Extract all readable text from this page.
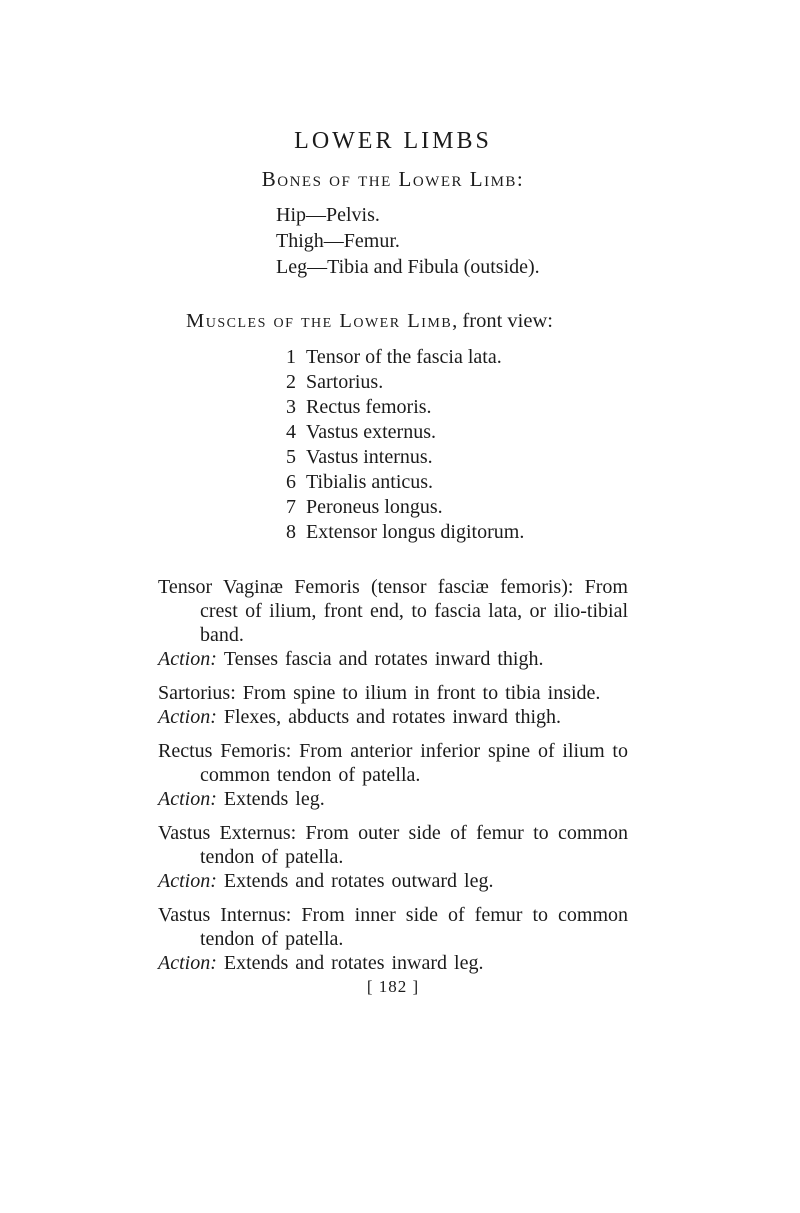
LOWER LIMBS
Bones of the Lower Limb:
Hip—Pelvis.
Thigh—Femur.
Leg—Tibia and Fibula (outside).
Muscles of the Lower Limb, front view:
1 Tensor of the fascia lata.
2 Sartorius.
3 Rectus femoris.
4 Vastus externus.
5 Vastus internus.
6 Tibialis anticus.
7 Peroneus longus.
8 Extensor longus digitorum.

Tensor Vaginæ Femoris (tensor fasciæ femoris): From crest of ilium, front end, to fascia lata, or ilio-tibial band.

Action: Tenses fascia and rotates inward thigh.

Sartorius: From spine to ilium in front to tibia inside.

Action: Flexes, abducts and rotates inward thigh.

Rectus Femoris: From anterior inferior spine of ilium to common tendon of patella.

Action: Extends leg.

Vastus Externus: From outer side of femur to common tendon of patella.

Action: Extends and rotates outward leg.

Vastus Internus: From inner side of femur to common tendon of patella.

Action: Extends and rotates inward leg.

[ 182 ]
